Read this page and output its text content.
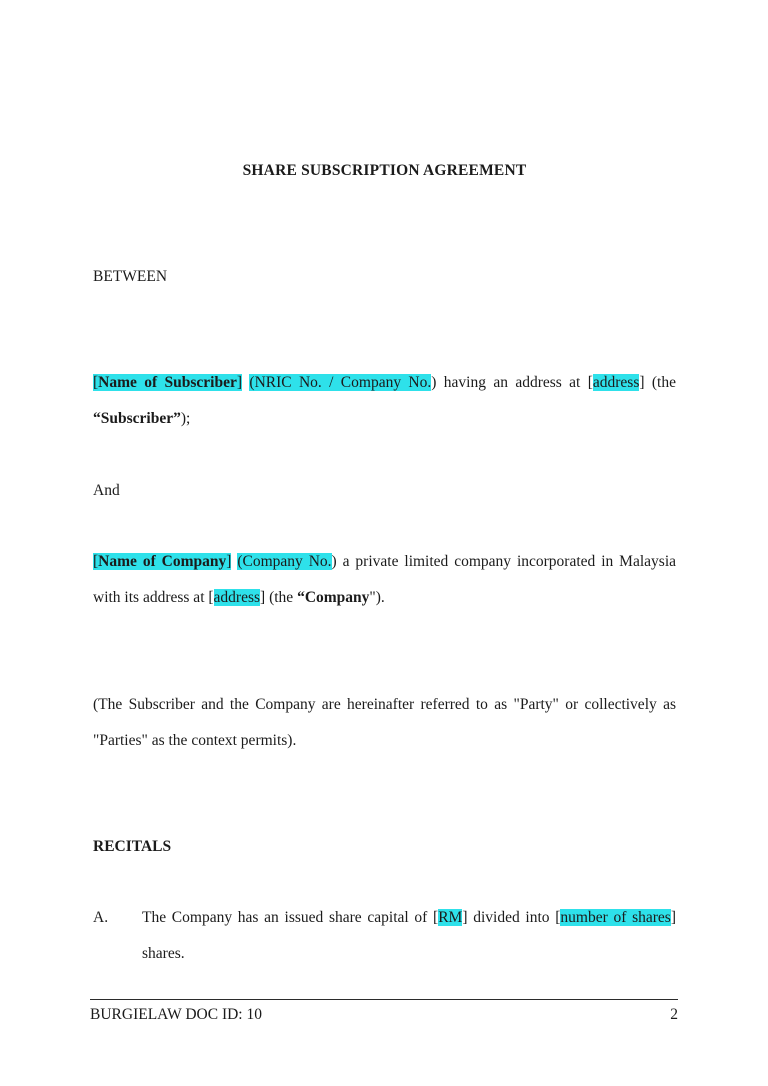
SHARE SUBSCRIPTION AGREEMENT
BETWEEN
[Name of Subscriber] (NRIC No. / Company No.) having an address at [address] (the
“Subscriber”);
And
[Name of Company] (Company No.) a private limited company incorporated in Malaysia
with its address at [address] (the “Company").
(The Subscriber and the Company are hereinafter referred to as "Party" or collectively as
"Parties" as the context permits).
RECITALS
A.	The Company has an issued share capital of [RM] divided into [number of shares]
shares.
BURGIELAW DOC ID: 10	2
